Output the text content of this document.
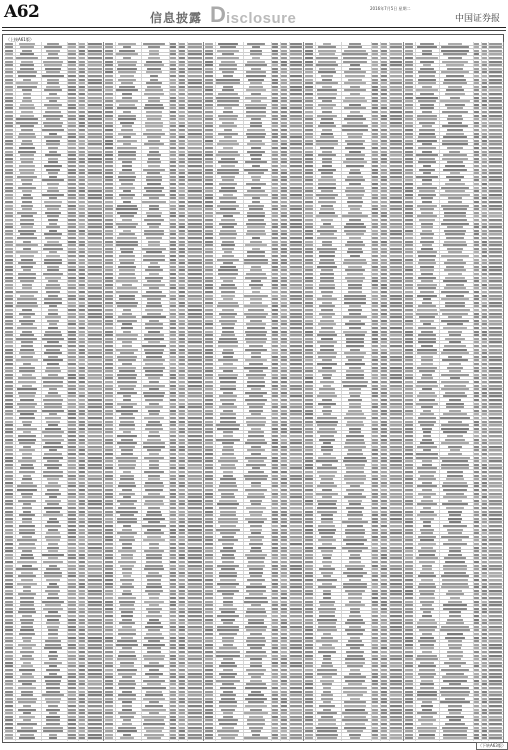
A62	信息披露 D isclosure
2016年7月5日 星期二
中国证券报
（上接A61版）
（下转A63版）
